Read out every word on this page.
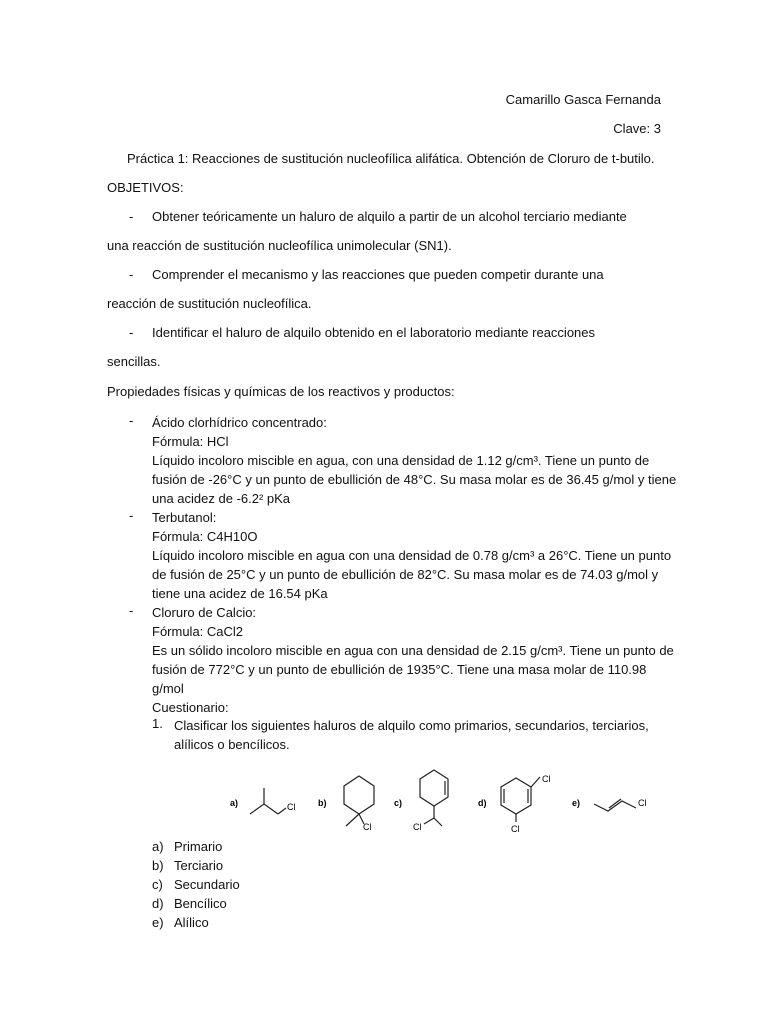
Camarillo Gasca Fernanda
Clave: 3
Práctica 1: Reacciones de sustitución nucleofílica alifática. Obtención de Cloruro de t-butilo.
OBJETIVOS:
- Obtener teóricamente un haluro de alquilo a partir de un alcohol terciario mediante
una reacción de sustitución nucleofílica unimolecular (SN1).
- Comprender el mecanismo y las reacciones que pueden competir durante una
reacción de sustitución nucleofílica.
- Identificar el haluro de alquilo obtenido en el laboratorio mediante reacciones
sencillas.
Propiedades físicas y químicas de los reactivos y productos:
- Ácido clorhídrico concentrado:
Fórmula: HCl
Líquido incoloro miscible en agua, con una densidad de 1.12 g/cm³. Tiene un punto de
fusión de -26°C y un punto de ebullición de 48°C. Su masa molar es de 36.45 g/mol y tiene
una acidez de -6.2² pKa
- Terbutanol:
Fórmula: C4H10O
Líquido incoloro miscible en agua con una densidad de 0.78 g/cm³ a 26°C. Tiene un punto
de fusión de 25°C y un punto de ebullición de 82°C. Su masa molar es de 74.03 g/mol y
tiene una acidez de 16.54 pKa
- Cloruro de Calcio:
Fórmula: CaCl2
Es un sólido incoloro miscible en agua con una densidad de 2.15 g/cm³. Tiene un punto de
fusión de 772°C y un punto de ebullición de 1935°C. Tiene una masa molar de 110.98
g/mol
Cuestionario:
1. Clasificar los siguientes haluros de alquilo como primarios, secundarios, terciarios,
alílicos o bencílicos.
a)	Cl	b)
Cl
c)
Cl
d)
Cl
Cl
e)	Cl
a) Primario
b) Terciario
c) Secundario
d) Bencílico
e) Alílico
